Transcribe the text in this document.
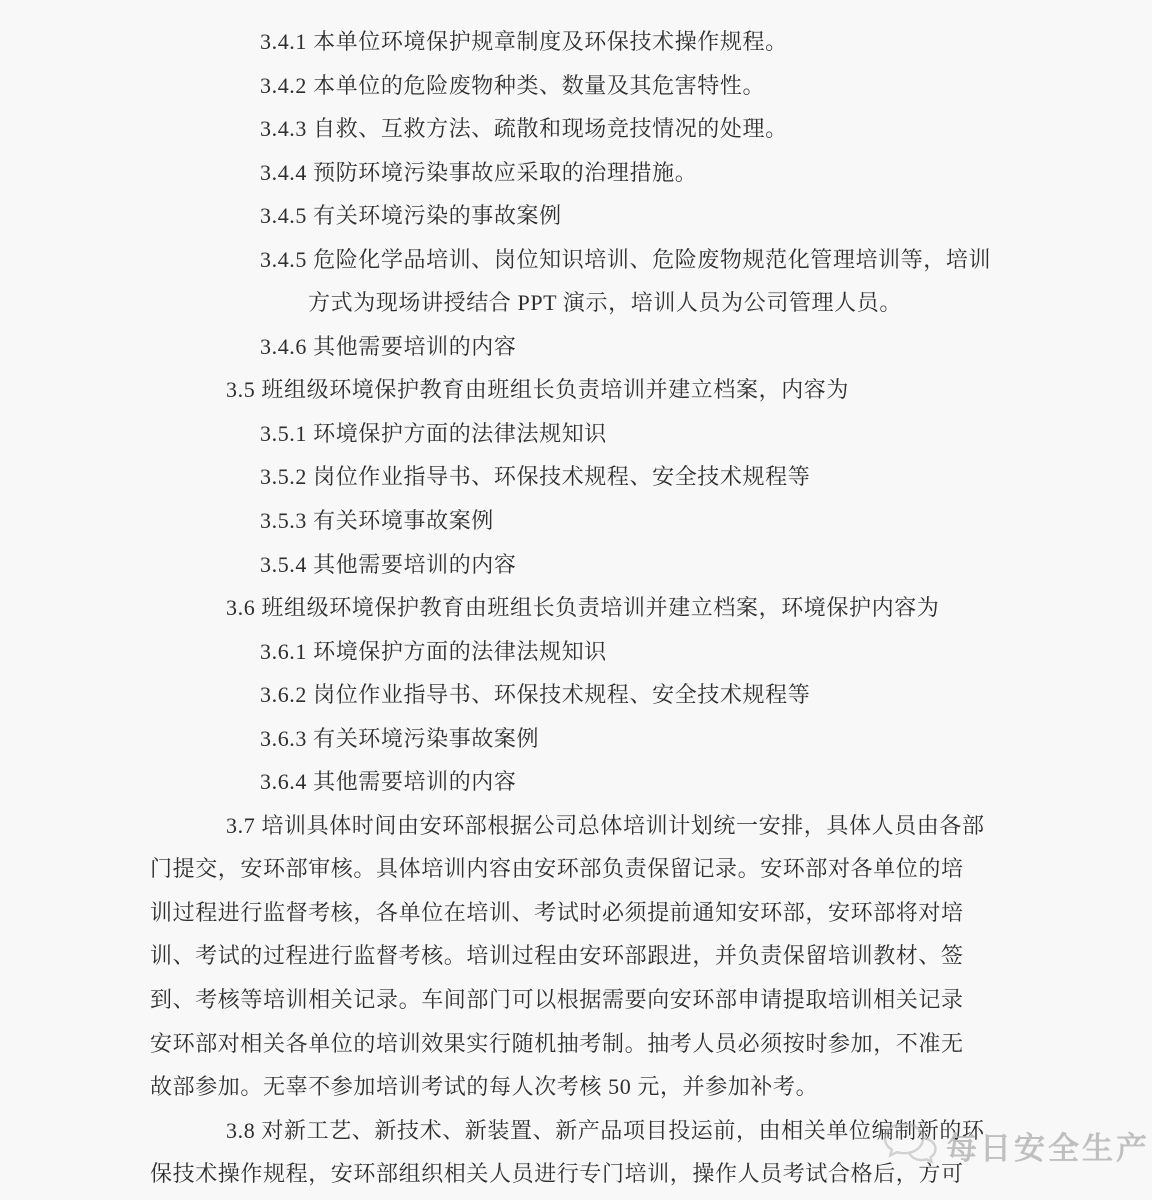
3.4.1 本单位环境保护规章制度及环保技术操作规程。
3.4.2 本单位的危险废物种类、数量及其危害特性。
3.4.3 自救、互救方法、疏散和现场竞技情况的处理。
3.4.4 预防环境污染事故应采取的治理措施。
3.4.5 有关环境污染的事故案例
3.4.5 危险化学品培训、岗位知识培训、危险废物规范化管理培训等，培训
方式为现场讲授结合 PPT 演示，培训人员为公司管理人员。
3.4.6 其他需要培训的内容
3.5 班组级环境保护教育由班组长负责培训并建立档案，内容为
3.5.1 环境保护方面的法律法规知识
3.5.2 岗位作业指导书、环保技术规程、安全技术规程等
3.5.3 有关环境事故案例
3.5.4 其他需要培训的内容
3.6 班组级环境保护教育由班组长负责培训并建立档案，环境保护内容为
3.6.1 环境保护方面的法律法规知识
3.6.2 岗位作业指导书、环保技术规程、安全技术规程等
3.6.3 有关环境污染事故案例
3.6.4 其他需要培训的内容
3.7 培训具体时间由安环部根据公司总体培训计划统一安排，具体人员由各部
门提交，安环部审核。具体培训内容由安环部负责保留记录。安环部对各单位的培
训过程进行监督考核，各单位在培训、考试时必须提前通知安环部，安环部将对培
训、考试的过程进行监督考核。培训过程由安环部跟进，并负责保留培训教材、签
到、考核等培训相关记录。车间部门可以根据需要向安环部申请提取培训相关记录
安环部对相关各单位的培训效果实行随机抽考制。抽考人员必须按时参加，不准无
故部参加。无辜不参加培训考试的每人次考核 50 元，并参加补考。
3.8 对新工艺、新技术、新装置、新产品项目投运前，由相关单位编制新的环
保技术操作规程，安环部组织相关人员进行专门培训，操作人员考试合格后，方可
每日安全生产
